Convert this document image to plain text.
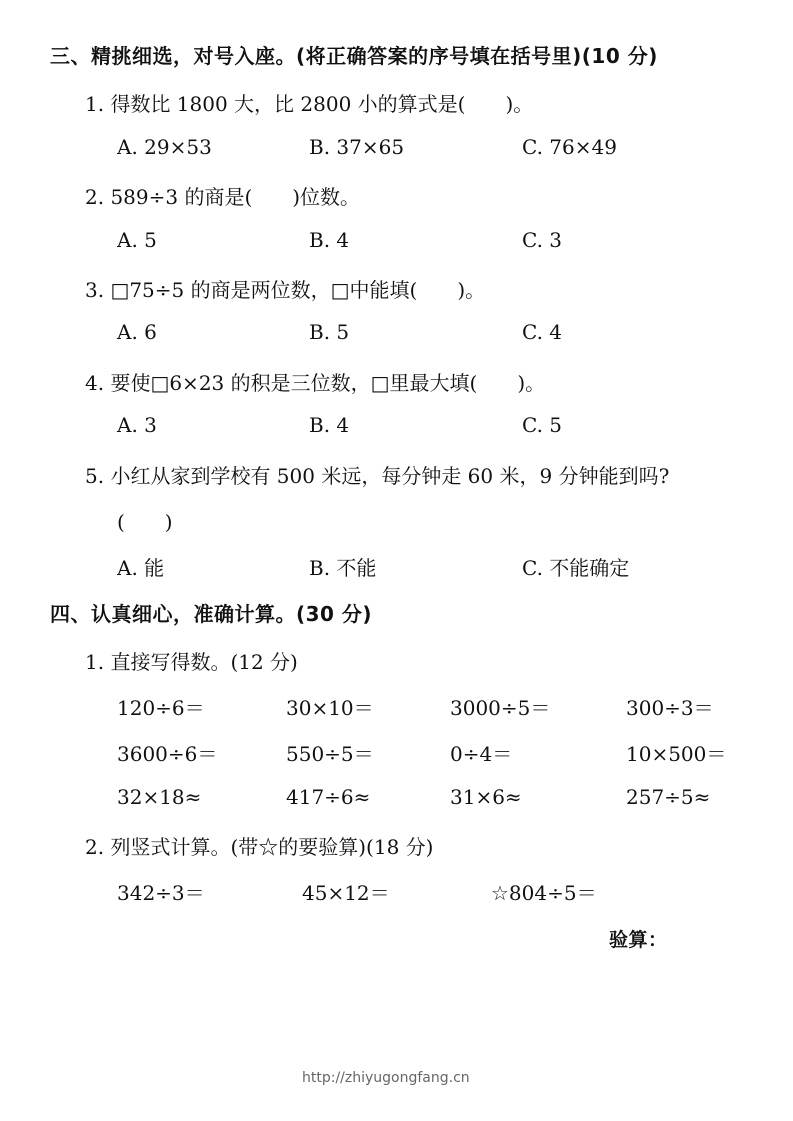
三、精挑细选，对号入座。(将正确答案的序号填在括号里)(10 分)
1. 得数比 1800 大，比 2800 小的算式是(　　)。
A. 29×53	B. 37×65	C. 76×49
2. 589÷3 的商是(　　)位数。
A. 5	B. 4	C. 3
3. □75÷5 的商是两位数，□中能填(　　)。
A. 6	B. 5	C. 4
4. 要使□6×23 的积是三位数，□里最大填(　　)。
A. 3	B. 4	C. 5
5. 小红从家到学校有 500 米远，每分钟走 60 米，9 分钟能到吗?
(　　)
A. 能	B. 不能	C. 不能确定
四、认真细心，准确计算。(30 分)
1. 直接写得数。(12 分)
120÷6＝	30×10＝	3000÷5＝	300÷3＝
3600÷6＝	550÷5＝	0÷4＝	10×500＝
32×18≈	417÷6≈	31×6≈	257÷5≈
2. 列竖式计算。(带☆的要验算)(18 分)
342÷3＝	45×12＝	☆804÷5＝
验算：
http://zhiyugongfang.cn
